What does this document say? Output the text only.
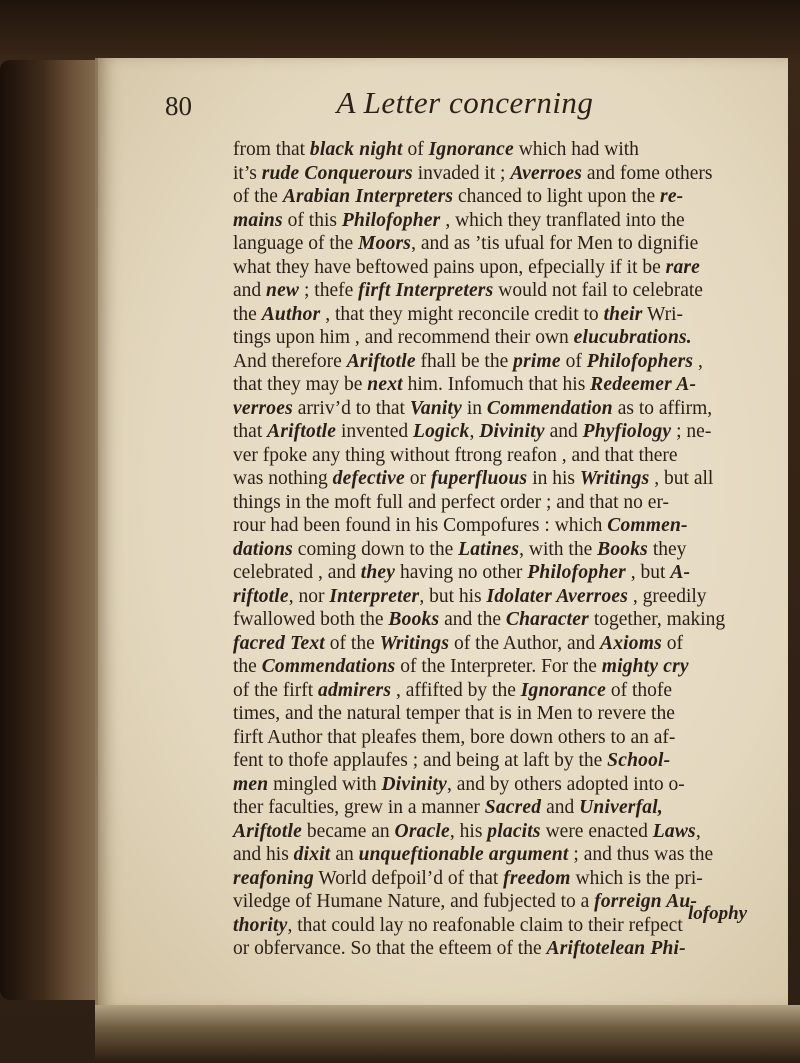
80	A Letter concerning
from that black night of Ignorance which had with
it’s rude Conquerours invaded it ; Averroes and fome others
of the Arabian Interpreters chanced to light upon the re-
mains of this Philofopher , which they tranflated into the
language of the Moors, and as ’tis ufual for Men to dignifie
what they have beftowed pains upon, efpecially if it be rare
and new ; thefe firft Interpreters would not fail to celebrate
the Author , that they might reconcile credit to their Wri-
tings upon him , and recommend their own elucubrations.
And therefore Ariftotle fhall be the prime of Philofophers ,
that they may be next him. Infomuch that his Redeemer A-
verroes arriv’d to that Vanity in Commendation as to affirm,
that Ariftotle invented Logick, Divinity and Phyfiology ; ne-
ver fpoke any thing without ftrong reafon , and that there
was nothing defective or fuperfluous in his Writings , but all
things in the moft full and perfect order ; and that no er-
rour had been found in his Compofures : which Commen-
dations coming down to the Latines, with the Books they
celebrated , and they having no other Philofopher , but A-
riftotle, nor Interpreter, but his Idolater Averroes , greedily
fwallowed both the Books and the Character together, making
facred Text of the Writings of the Author, and Axioms of
the Commendations of the Interpreter. For the mighty cry
of the firft admirers , affifted by the Ignorance of thofe
times, and the natural temper that is in Men to revere the
firft Author that pleafes them, bore down others to an af-
fent to thofe applaufes ; and being at laft by the School-
men mingled with Divinity, and by others adopted into o-
ther faculties, grew in a manner Sacred and Univerfal,
Ariftotle became an Oracle, his placits were enacted Laws,
and his dixit an unqueftionable argument ; and thus was the
reafoning World defpoil’d of that freedom which is the pri-
viledge of Humane Nature, and fubjected to a forreign Au-
thority, that could lay no reafonable claim to their refpect
or obfervance. So that the efteem of the Ariftotelean Phi-
lofophy
